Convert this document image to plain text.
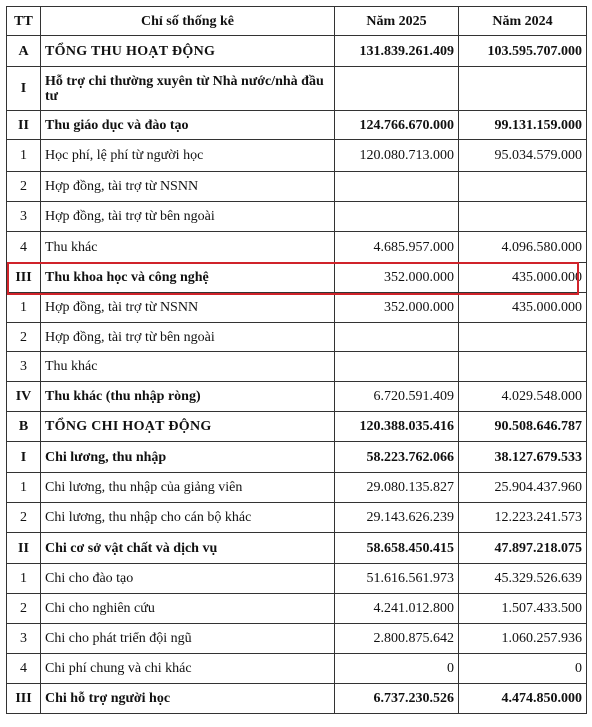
TT	Chỉ số thống kê	Năm 2025	Năm 2024
A	TỔNG THU HOẠT ĐỘNG	131.839.261.409	103.595.707.000
I	Hỗ trợ chi thường xuyên từ Nhà nước/nhà đầu tư		
II	Thu giáo dục và đào tạo	124.766.670.000	99.131.159.000
1	Học phí, lệ phí từ người học	120.080.713.000	95.034.579.000
2	Hợp đồng, tài trợ từ NSNN		
3	Hợp đồng, tài trợ từ bên ngoài		
4	Thu khác	4.685.957.000	4.096.580.000
III	Thu khoa học và công nghệ	352.000.000	435.000.000
1	Hợp đồng, tài trợ từ NSNN	352.000.000	435.000.000
2	Hợp đồng, tài trợ từ bên ngoài		
3	Thu khác		
IV	Thu khác (thu nhập ròng)	6.720.591.409	4.029.548.000
B	TỔNG CHI HOẠT ĐỘNG	120.388.035.416	90.508.646.787
I	Chi lương, thu nhập	58.223.762.066	38.127.679.533
1	Chi lương, thu nhập của giảng viên	29.080.135.827	25.904.437.960
2	Chi lương, thu nhập cho cán bộ khác	29.143.626.239	12.223.241.573
II	Chi cơ sở vật chất và dịch vụ	58.658.450.415	47.897.218.075
1	Chi cho đào tạo	51.616.561.973	45.329.526.639
2	Chi cho nghiên cứu	4.241.012.800	1.507.433.500
3	Chi cho phát triển đội ngũ	2.800.875.642	1.060.257.936
4	Chi phí chung và chi khác	0	0
III	Chi hỗ trợ người học	6.737.230.526	4.474.850.000
